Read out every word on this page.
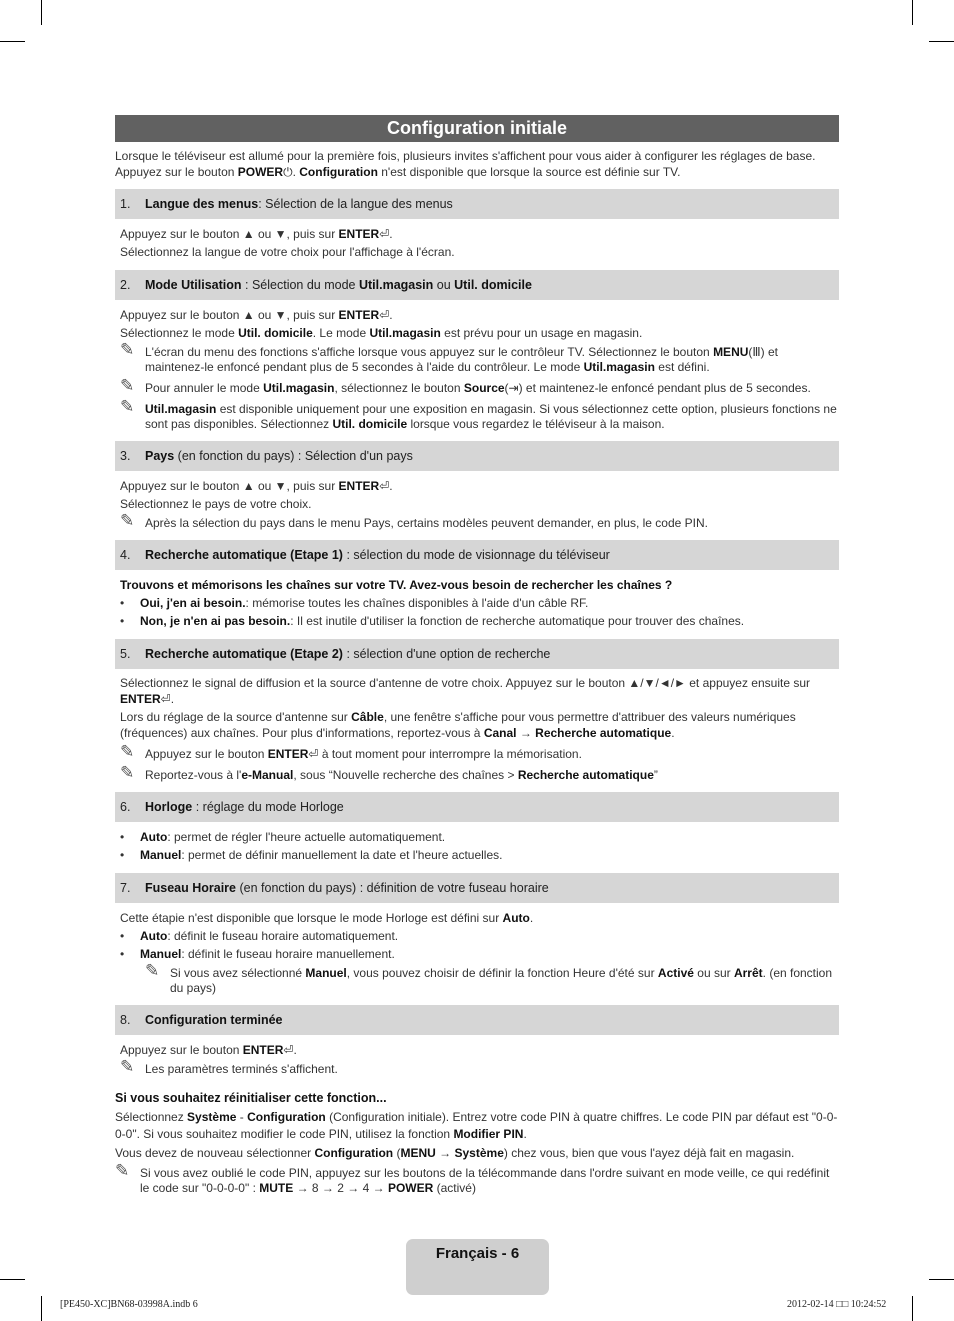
Configuration initiale
Lorsque le téléviseur est allumé pour la première fois, plusieurs invites s'affichent pour vous aider à configurer les réglages de base.
Appuyez sur le bouton POWER⏻. Configuration n'est disponible que lorsque la source est définie sur TV.
1. Langue des menus: Sélection de la langue des menus
Appuyez sur le bouton ▲ ou ▼, puis sur ENTER⏎.
Sélectionnez la langue de votre choix pour l'affichage à l'écran.
2. Mode Utilisation : Sélection du mode Util.magasin ou Util. domicile
Appuyez sur le bouton ▲ ou ▼, puis sur ENTER⏎.
Sélectionnez le mode Util. domicile. Le mode Util.magasin est prévu pour un usage en magasin.
✎ L'écran du menu des fonctions s'affiche lorsque vous appuyez sur le contrôleur TV. Sélectionnez le bouton MENU(Ⅲ) et maintenez-le enfoncé pendant plus de 5 secondes à l'aide du contrôleur. Le mode Util.magasin est défini.
✎ Pour annuler le mode Util.magasin, sélectionnez le bouton Source(⇥) et maintenez-le enfoncé pendant plus de 5 secondes.
✎ Util.magasin est disponible uniquement pour une exposition en magasin. Si vous sélectionnez cette option, plusieurs fonctions ne sont pas disponibles. Sélectionnez Util. domicile lorsque vous regardez le téléviseur à la maison.
3. Pays (en fonction du pays) : Sélection d'un pays
Appuyez sur le bouton ▲ ou ▼, puis sur ENTER⏎.
Sélectionnez le pays de votre choix.
✎ Après la sélection du pays dans le menu Pays, certains modèles peuvent demander, en plus, le code PIN.
4. Recherche automatique (Etape 1) : sélection du mode de visionnage du téléviseur
Trouvons et mémorisons les chaînes sur votre TV. Avez-vous besoin de rechercher les chaînes ?
• Oui, j'en ai besoin.: mémorise toutes les chaînes disponibles à l'aide d'un câble RF.
• Non, je n'en ai pas besoin.: Il est inutile d'utiliser la fonction de recherche automatique pour trouver des chaînes.
5. Recherche automatique (Etape 2) : sélection d'une option de recherche
Sélectionnez le signal de diffusion et la source d'antenne de votre choix. Appuyez sur le bouton ▲/▼/◄/► et appuyez ensuite sur ENTER⏎.
Lors du réglage de la source d'antenne sur Câble, une fenêtre s'affiche pour vous permettre d'attribuer des valeurs numériques (fréquences) aux chaînes. Pour plus d'informations, reportez-vous à Canal → Recherche automatique.
✎ Appuyez sur le bouton ENTER⏎ à tout moment pour interrompre la mémorisation.
✎ Reportez-vous à l'e-Manual, sous “Nouvelle recherche des chaînes > Recherche automatique”
6. Horloge : réglage du mode Horloge
• Auto: permet de régler l'heure actuelle automatiquement.
• Manuel: permet de définir manuellement la date et l'heure actuelles.
7. Fuseau Horaire (en fonction du pays) : définition de votre fuseau horaire
Cette étapie n'est disponible que lorsque le mode Horloge est défini sur Auto.
• Auto: définit le fuseau horaire automatiquement.
• Manuel: définit le fuseau horaire manuellement.
✎ Si vous avez sélectionné Manuel, vous pouvez choisir de définir la fonction Heure d'été sur Activé ou sur Arrêt. (en fonction du pays)
8. Configuration terminée
Appuyez sur le bouton ENTER⏎.
✎ Les paramètres terminés s'affichent.
Si vous souhaitez réinitialiser cette fonction...
Sélectionnez Système - Configuration (Configuration initiale). Entrez votre code PIN à quatre chiffres. Le code PIN par défaut est "0-0-0-0". Si vous souhaitez modifier le code PIN, utilisez la fonction Modifier PIN.
Vous devez de nouveau sélectionner Configuration (MENU → Système) chez vous, bien que vous l'ayez déjà fait en magasin.
✎ Si vous avez oublié le code PIN, appuyez sur les boutons de la télécommande dans l'ordre suivant en mode veille, ce qui redéfinit le code sur "0-0-0-0" : MUTE → 8 → 2 → 4 → POWER (activé)
Français - 6
[PE450-XC]BN68-03998A.indb 6	2012-02-14 □□ 10:24:52
